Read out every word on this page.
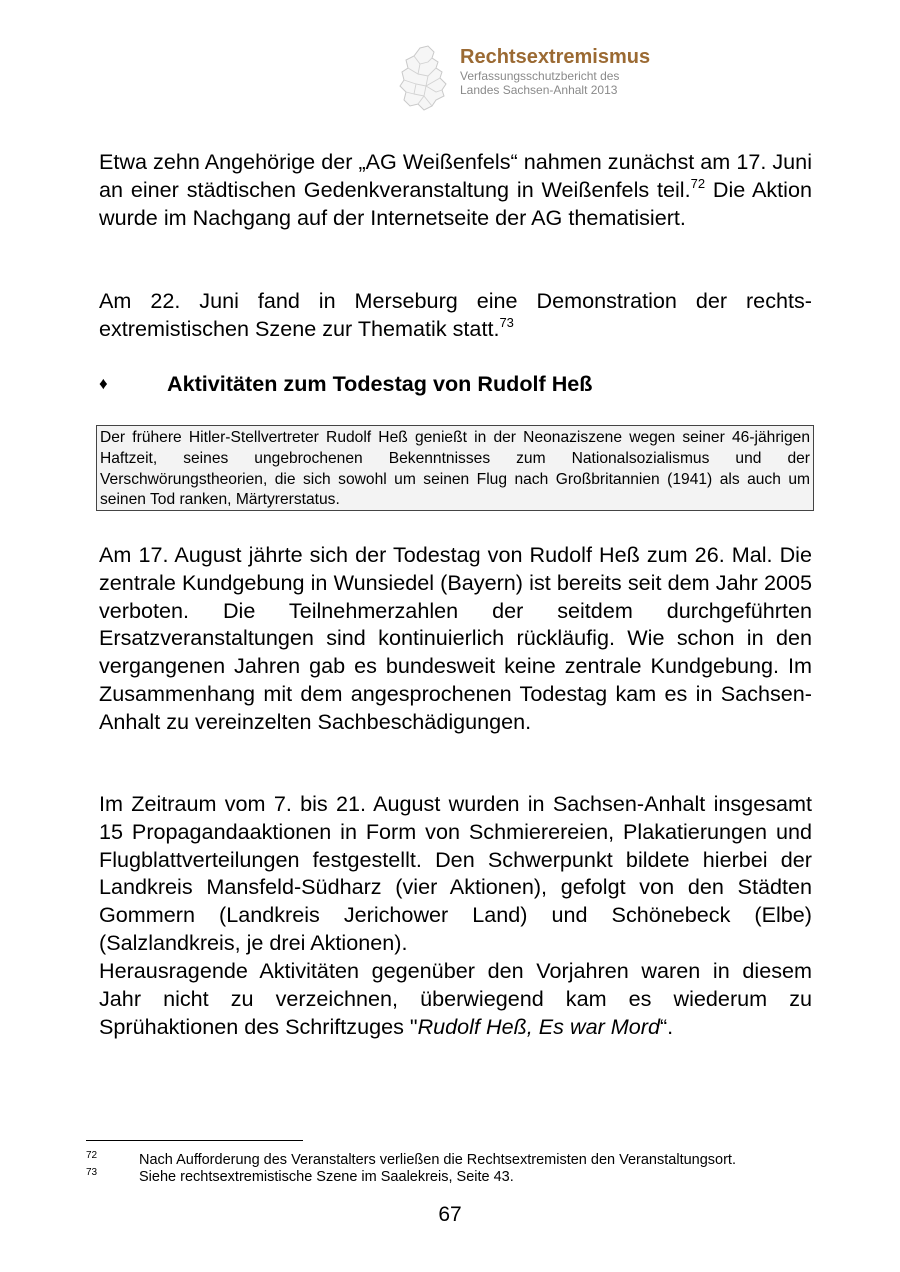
Rechtsextremismus
Verfassungsschutzbericht des
Landes Sachsen-Anhalt 2013

Etwa zehn Angehörige der „AG Weißenfels“ nahmen zunächst am 17. Juni an einer städtischen Gedenkveranstaltung in Weißenfels teil.$^{72}$ Die Aktion wurde im Nachgang auf der Internetseite der AG thematisiert.

Am 22. Juni fand in Merseburg eine Demonstration der rechtsextremistischen Szene zur Thematik statt.$^{73}$

♦	Aktivitäten zum Todestag von Rudolf Heß
Der frühere Hitler-Stellvertreter Rudolf Heß genießt in der Neonaziszene wegen seiner 46-jährigen Haftzeit, seines ungebrochenen Bekenntnisses zum Nationalsozialismus und der Verschwörungstheorien, die sich sowohl um seinen Flug nach Großbritannien (1941) als auch um seinen Tod ranken, Märtyrerstatus.

Am 17. August jährte sich der Todestag von Rudolf Heß zum 26. Mal. Die zentrale Kundgebung in Wunsiedel (Bayern) ist bereits seit dem Jahr 2005 verboten. Die Teilnehmerzahlen der seitdem durchgeführten Ersatzveranstaltungen sind kontinuierlich rückläufig. Wie schon in den vergangenen Jahren gab es bundesweit keine zentrale Kundgebung. Im Zusammenhang mit dem angesprochenen Todestag kam es in Sachsen-Anhalt zu vereinzelten Sachbeschädigungen.

Im Zeitraum vom 7. bis 21. August wurden in Sachsen-Anhalt insgesamt 15 Propagandaaktionen in Form von Schmierereien, Plakatierungen und Flugblattverteilungen festgestellt. Den Schwerpunkt bildete hierbei der Landkreis Mansfeld-Südharz (vier Aktionen), gefolgt von den Städten Gommern (Landkreis Jerichower Land) und Schönebeck (Elbe) (Salzlandkreis, je drei Aktionen).

Herausragende Aktivitäten gegenüber den Vorjahren waren in diesem Jahr nicht zu verzeichnen, überwiegend kam es wiederum zu Sprühaktionen des Schriftzuges "Rudolf Heß, Es war Mord“.

72	Nach Aufforderung des Veranstalters verließen die Rechtsextremisten den Veranstaltungsort.
73	Siehe rechtsextremistische Szene im Saalekreis, Seite 43.
67
